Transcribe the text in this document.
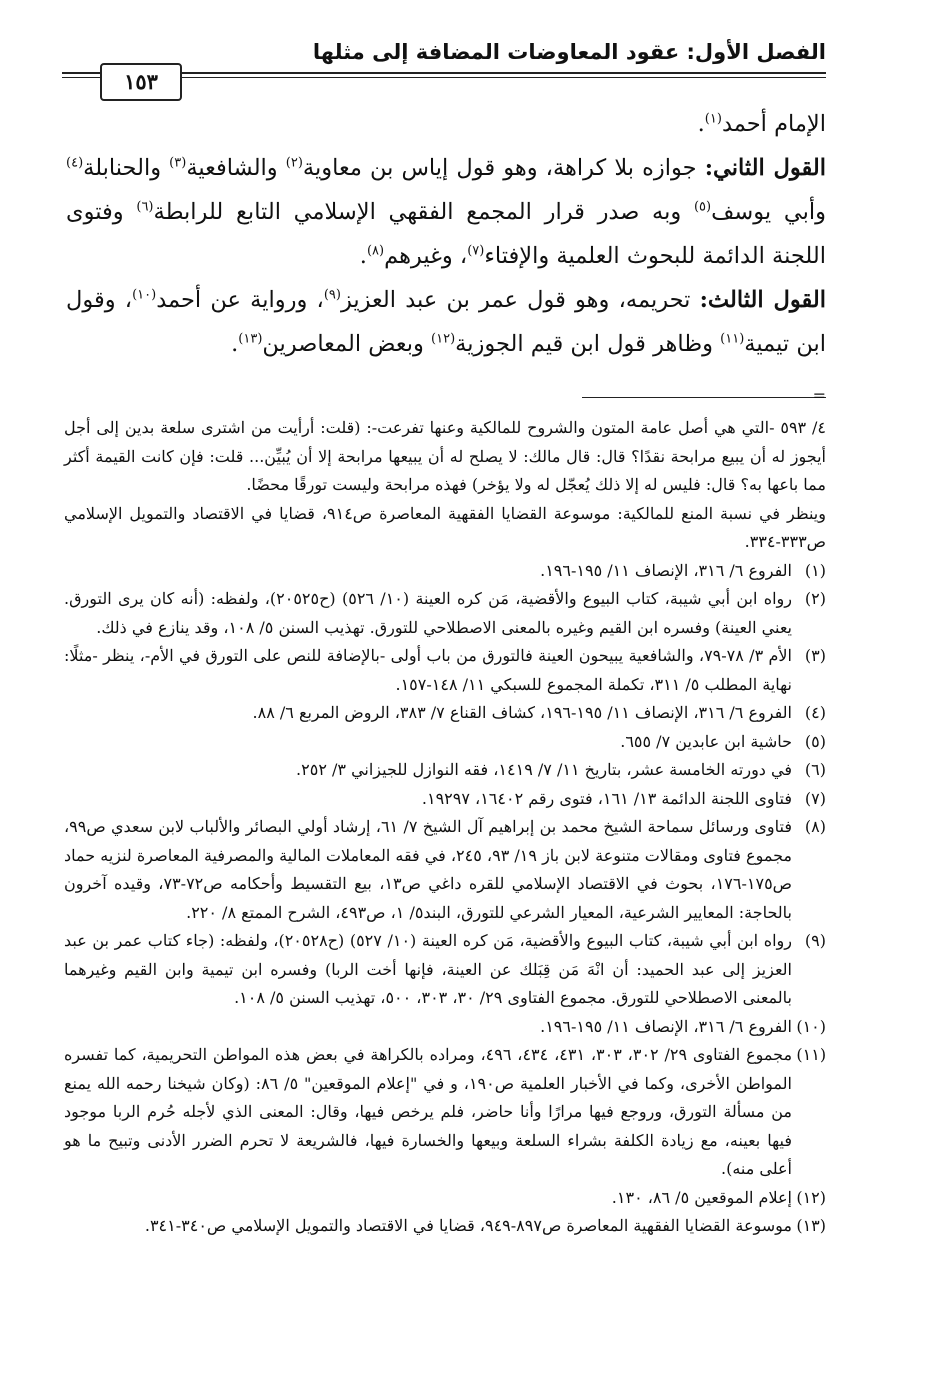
الفصل الأول: عقود المعاوضات المضافة إلى مثلها
١٥٣

الإمام أحمد$^{(١)}$.

القول الثاني: جوازه بلا كراهة، وهو قول إياس بن معاوية$^{(٢)}$ والشافعية$^{(٣)}$ والحنابلة$^{(٤)}$ وأبي يوسف$^{(٥)}$ وبه صدر قرار المجمع الفقهي الإسلامي التابع للرابطة$^{(٦)}$ وفتوى اللجنة الدائمة للبحوث العلمية والإفتاء$^{(٧)}$، وغيرهم$^{(٨)}$.

القول الثالث: تحريمه، وهو قول عمر بن عبد العزيز$^{(٩)}$، ورواية عن أحمد$^{(١٠)}$، وقول ابن تيمية$^{(١١)}$ وظاهر قول ابن قيم الجوزية$^{(١٢)}$ وبعض المعاصرين$^{(١٣)}$.

=

٤/ ٥٩٣ -التي هي أصل عامة المتون والشروح للمالكية وعنها تفرعت-: (قلت: أرأيت من اشترى سلعة بدين إلى أجل أيجوز له أن يبيع مرابحة نقدًا؟ قال: قال مالك: لا يصلح له أن يبيعها مرابحة إلا أن يُبيِّن... قلت: فإن كانت القيمة أكثر مما باعها به؟ قال: فليس له إلا ذلك يُعجّل له ولا يؤخر) فهذه مرابحة وليست تورقًا محضًا.

وينظر في نسبة المنع للمالكية: موسوعة القضايا الفقهية المعاصرة ص٩١٤، قضايا في الاقتصاد والتمويل الإسلامي ص٣٣٣-٣٣٤.

(١)الفروع ٦/ ٣١٦، الإنصاف ١١/ ١٩٥-١٩٦.

(٢)رواه ابن أبي شيبة، كتاب البيوع والأقضية، مَن كره العينة (١٠/ ٥٢٦) (ح٢٠٥٢٥)، ولفظه: (أنه كان يرى التورق. يعني العينة) وفسره ابن القيم وغيره بالمعنى الاصطلاحي للتورق. تهذيب السنن ٥/ ١٠٨، وقد ينازع في ذلك.

(٣)الأم ٣/ ٧٨-٧٩، والشافعية يبيحون العينة فالتورق من باب أولى -بالإضافة للنص على التورق في الأم-، ينظر -مثلًا: نهاية المطلب ٥/ ٣١١، تكملة المجموع للسبكي ١١/ ١٤٨-١٥٧.

(٤)الفروع ٦/ ٣١٦، الإنصاف ١١/ ١٩٥-١٩٦، كشاف القناع ٧/ ٣٨٣، الروض المربع ٦/ ٨٨.

(٥)حاشية ابن عابدين ٧/ ٦٥٥.

(٦)في دورته الخامسة عشر، بتاريخ ١١/ ٧/ ١٤١٩، فقه النوازل للجيزاني ٣/ ٢٥٢.

(٧)فتاوى اللجنة الدائمة ١٣/ ١٦١، فتوى رقم ١٦٤٠٢، ١٩٢٩٧.

(٨)فتاوى ورسائل سماحة الشيخ محمد بن إبراهيم آل الشيخ ٧/ ٦١، إرشاد أولي البصائر والألباب لابن سعدي ص٩٩، مجموع فتاوى ومقالات متنوعة لابن باز ١٩/ ٩٣، ٢٤٥، في فقه المعاملات المالية والمصرفية المعاصرة لنزيه حماد ص١٧٥-١٧٦، بحوث في الاقتصاد الإسلامي للقره داغي ص١٣، بيع التقسيط وأحكامه ص٧٢-٧٣، وقيده آخرون بالحاجة: المعايير الشرعية، المعيار الشرعي للتورق، البند٥/ ١، ص٤٩٣، الشرح الممتع ٨/ ٢٢٠.

(٩)رواه ابن أبي شيبة، كتاب البيوع والأقضية، مَن كره العينة (١٠/ ٥٢٧) (ح٢٠٥٢٨)، ولفظه: (جاء كتاب عمر بن عبد العزيز إلى عبد الحميد: أن انْهَ مَن قِبَلك عن العينة، فإنها أخت الربا) وفسره ابن تيمية وابن القيم وغيرهما بالمعنى الاصطلاحي للتورق. مجموع الفتاوى ٢٩/ ٣٠، ٣٠٣، ٥٠٠، تهذيب السنن ٥/ ١٠٨.

(١٠)الفروع ٦/ ٣١٦، الإنصاف ١١/ ١٩٥-١٩٦.

(١١)مجموع الفتاوى ٢٩/ ٣٠٢، ٣٠٣، ٤٣١، ٤٣٤، ٤٩٦، ومراده بالكراهة في بعض هذه المواطن التحريمية، كما تفسره المواطن الأخرى، وكما في الأخبار العلمية ص١٩٠، و في "إعلام الموقعين" ٥/ ٨٦: (وكان شيخنا رحمه الله يمنع من مسألة التورق، وروجع فيها مرارًا وأنا حاضر، فلم يرخص فيها، وقال: المعنى الذي لأجله حُرم الربا موجود فيها بعينه، مع زيادة الكلفة بشراء السلعة وبيعها والخسارة فيها، فالشريعة لا تحرم الضرر الأدنى وتبيح ما هو أعلى منه).

(١٢)إعلام الموقعين ٥/ ٨٦، ١٣٠.

(١٣)موسوعة القضايا الفقهية المعاصرة ص٨٩٧-٩٤٩، قضايا في الاقتصاد والتمويل الإسلامي ص٣٤٠-٣٤١.
